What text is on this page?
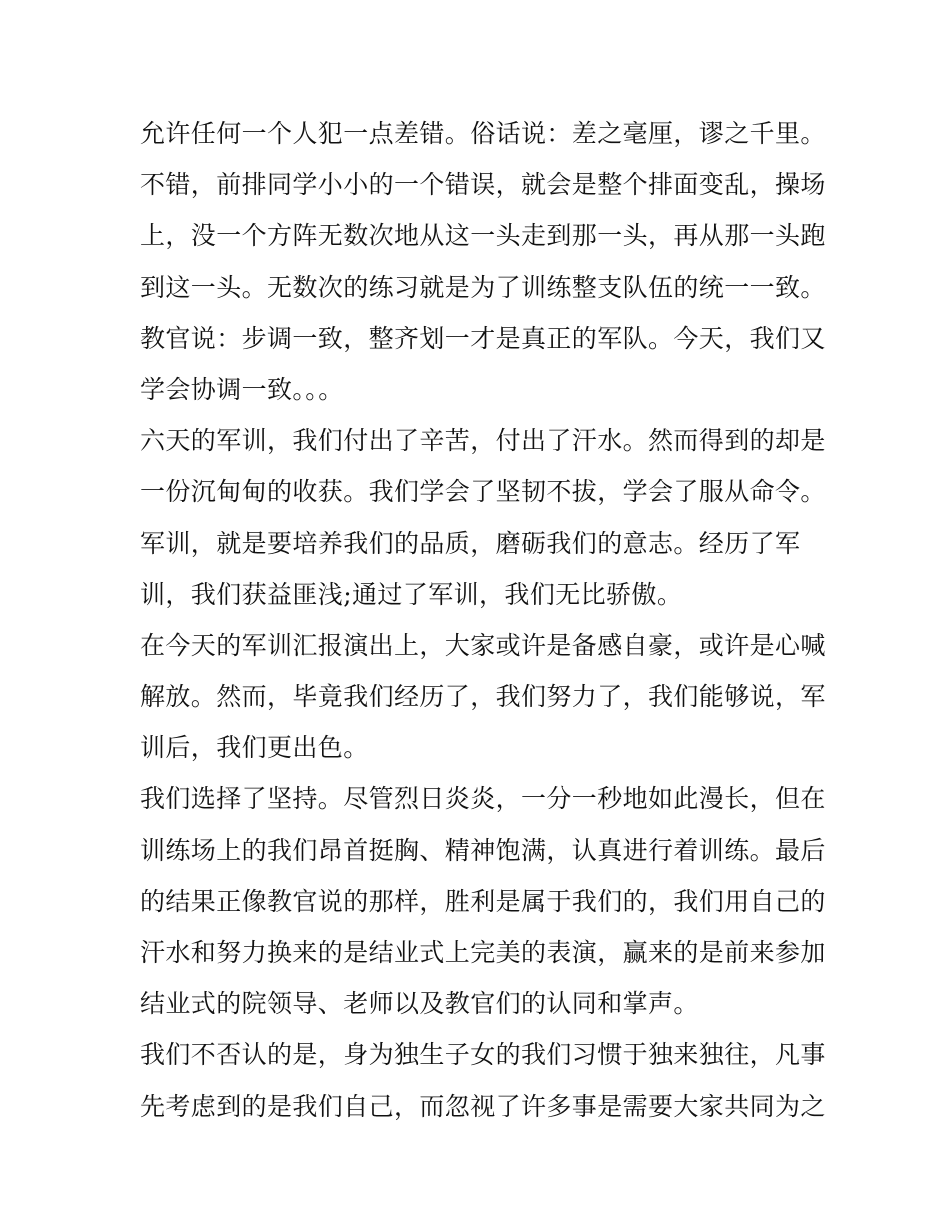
允许任何一个人犯一点差错。俗话说：差之毫厘，谬之千里。
不错，前排同学小小的一个错误，就会是整个排面变乱，操场
上，没一个方阵无数次地从这一头走到那一头，再从那一头跑
到这一头。无数次的练习就是为了训练整支队伍的统一一致。
教官说：步调一致，整齐划一才是真正的军队。今天，我们又
学会协调一致。。。
六天的军训，我们付出了辛苦，付出了汗水。然而得到的却是
一份沉甸甸的收获。我们学会了坚韧不拔，学会了服从命令。
军训，就是要培养我们的品质，磨砺我们的意志。经历了军
训，我们获益匪浅;通过了军训，我们无比骄傲。
在今天的军训汇报演出上，大家或许是备感自豪，或许是心喊
解放。然而，毕竟我们经历了，我们努力了，我们能够说，军
训后，我们更出色。
我们选择了坚持。尽管烈日炎炎，一分一秒地如此漫长，但在
训练场上的我们昂首挺胸、精神饱满，认真进行着训练。最后
的结果正像教官说的那样，胜利是属于我们的，我们用自己的
汗水和努力换来的是结业式上完美的表演，赢来的是前来参加
结业式的院领导、老师以及教官们的认同和掌声。
我们不否认的是，身为独生子女的我们习惯于独来独往，凡事
先考虑到的是我们自己，而忽视了许多事是需要大家共同为之
